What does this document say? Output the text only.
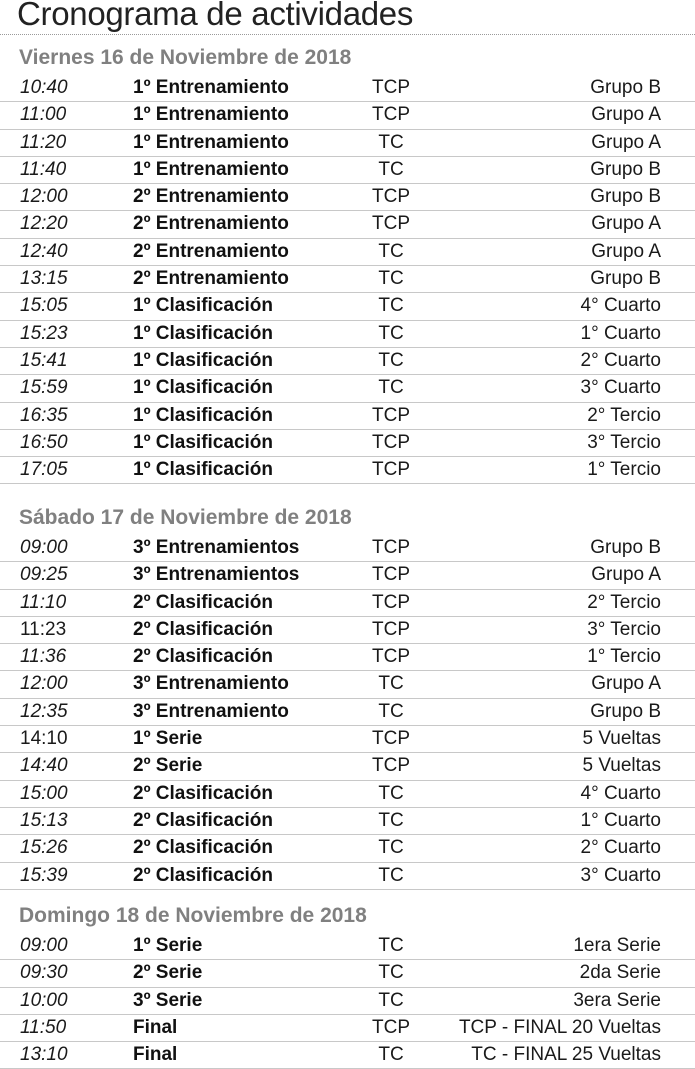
Cronograma de actividades
Viernes 16 de Noviembre de 2018
10:40	1º Entrenamiento	TCP	Grupo B
11:00	1º Entrenamiento	TCP	Grupo A
11:20	1º Entrenamiento	TC	Grupo A
11:40	1º Entrenamiento	TC	Grupo B
12:00	2º Entrenamiento	TCP	Grupo B
12:20	2º Entrenamiento	TCP	Grupo A
12:40	2º Entrenamiento	TC	Grupo A
13:15	2º Entrenamiento	TC	Grupo B
15:05	1º Clasificación	TC	4° Cuarto
15:23	1º Clasificación	TC	1° Cuarto
15:41	1º Clasificación	TC	2° Cuarto
15:59	1º Clasificación	TC	3° Cuarto
16:35	1º Clasificación	TCP	2° Tercio
16:50	1º Clasificación	TCP	3° Tercio
17:05	1º Clasificación	TCP	1° Tercio
Sábado 17 de Noviembre de 2018
09:00	3º Entrenamientos	TCP	Grupo B
09:25	3º Entrenamientos	TCP	Grupo A
11:10	2º Clasificación	TCP	2° Tercio
11:23	2º Clasificación	TCP	3° Tercio
11:36	2º Clasificación	TCP	1° Tercio
12:00	3º Entrenamiento	TC	Grupo A
12:35	3º Entrenamiento	TC	Grupo B
14:10	1º Serie	TCP	5 Vueltas
14:40	2º Serie	TCP	5 Vueltas
15:00	2º Clasificación	TC	4° Cuarto
15:13	2º Clasificación	TC	1° Cuarto
15:26	2º Clasificación	TC	2° Cuarto
15:39	2º Clasificación	TC	3° Cuarto
Domingo 18 de Noviembre de 2018
09:00	1º Serie	TC	1era Serie
09:30	2º Serie	TC	2da Serie
10:00	3º Serie	TC	3era Serie
11:50	Final	TCP	TCP - FINAL 20 Vueltas
13:10	Final	TC	TC - FINAL 25 Vueltas
